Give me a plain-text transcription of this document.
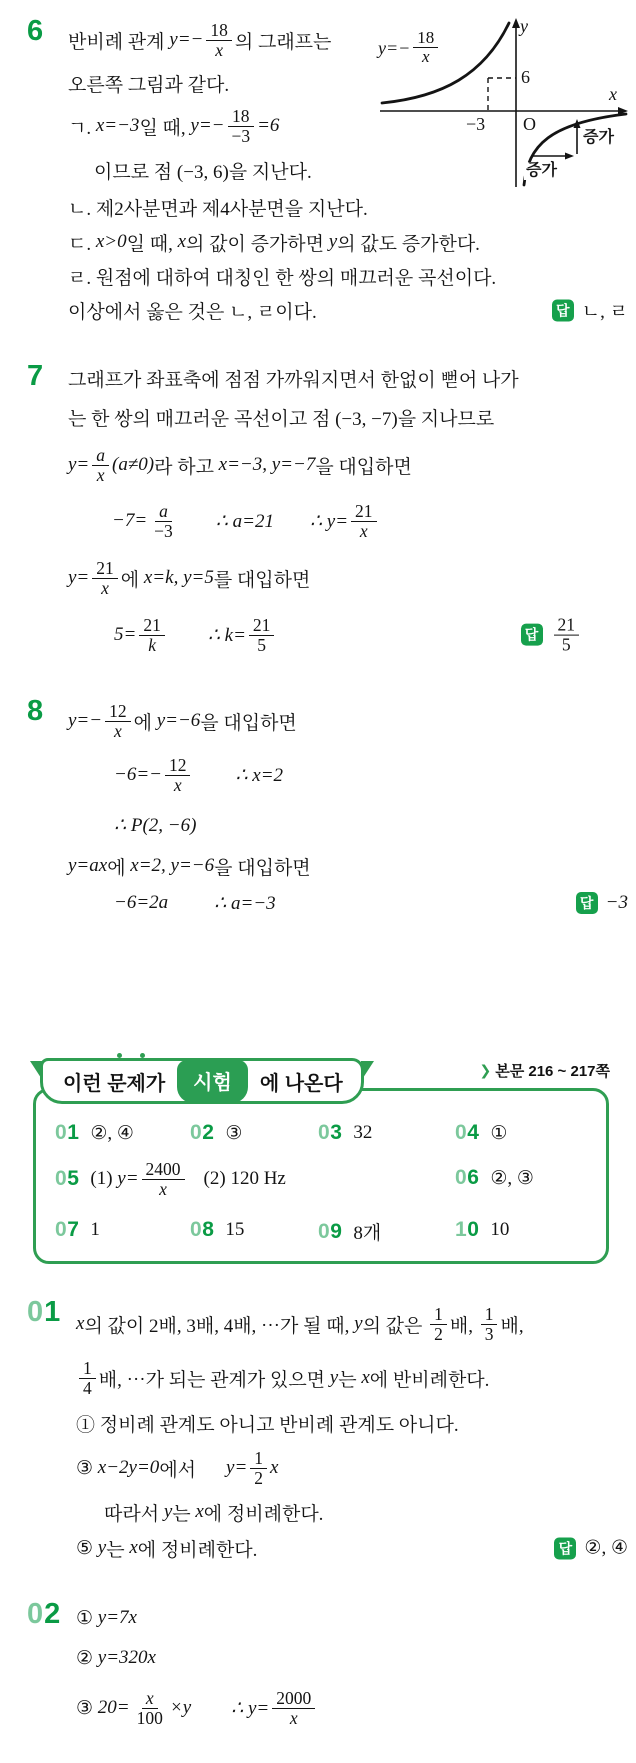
6
$y=- \frac{18}{x}$
y
x
O
6
−3
증가
증가
반비례 관계 $y=- \frac{18}{x}$ 의 그래프는
오른쪽 그림과 같다.
ㄱ. x=−3 일 때, $y=- \frac{18}{-3} =6$
이므로 점 (−3, 6)을 지난다.
ㄴ. 제2사분면과 제4사분면을 지난다.
ㄷ. x>0 일 때, x 의 값이 증가하면 y 의 값도 증가한다.
ㄹ. 원점에 대하여 대칭인 한 쌍의 매끄러운 곡선이다.
답 ㄴ, ㄹ
이상에서 옳은 것은 ㄴ, ㄹ이다.
7 그래프가 좌표축에 점점 가까워지면서 한없이 뻗어 나가
는 한 쌍의 매끄러운 곡선이고 점 (−3, −7)을 지나므로
$y= \frac{a}{x} (a\ne 0)$ 라 하고 x=−3, y=−7 을 대입하면
$-7= \frac{a}{-3}$ ∴ a=21 ∴ $y= \frac{21}{x}$
$y= \frac{21}{x}$ 에 x=k, y=5 를 대입하면
답 $\frac{21}{5}$
$5= \frac{21}{k}$ ∴ $k= \frac{21}{5}$
8 $y=- \frac{12}{x}$ 에 y=−6 을 대입하면
$-6=- \frac{12}{x}$ ∴ x=2
∴ P(2, −6)
y=ax 에 x=2, y=−6 을 대입하면
답 −3
−6=2a ∴ a=−3
이런 문제가	시험	에 나온다
❯ 본문 216 ~ 217쪽
01 ②, ④	02 ③	03 32	04 ①
05 (1) $y= \frac{2400}{x} (2)$ 120 Hz	06 ②, ③
07 1	08 15	09 8개	10 10
01 x 의 값이 2배, 3배, 4배, ⋯가 될 때, y 의 값은 $\frac{1}{2}$ 배, $\frac{1}{3}$ 배,
$\frac{1}{4}$ 배, ⋯가 되는 관계가 있으면 y 는 x 에 반비례한다.
① 정비례 관계도 아니고 반비례 관계도 아니다.
③ x−2y=0 에서 $y= \frac{1}{2}$ x
따라서 y 는 x 에 정비례한다.
답 ②, ④
⑤ y 는 x 에 정비례한다.
02 ① y=7x
② y=320x
③ $20= \frac{x}{100} \times y$ ∴ $y= \frac{2000}{x}$
